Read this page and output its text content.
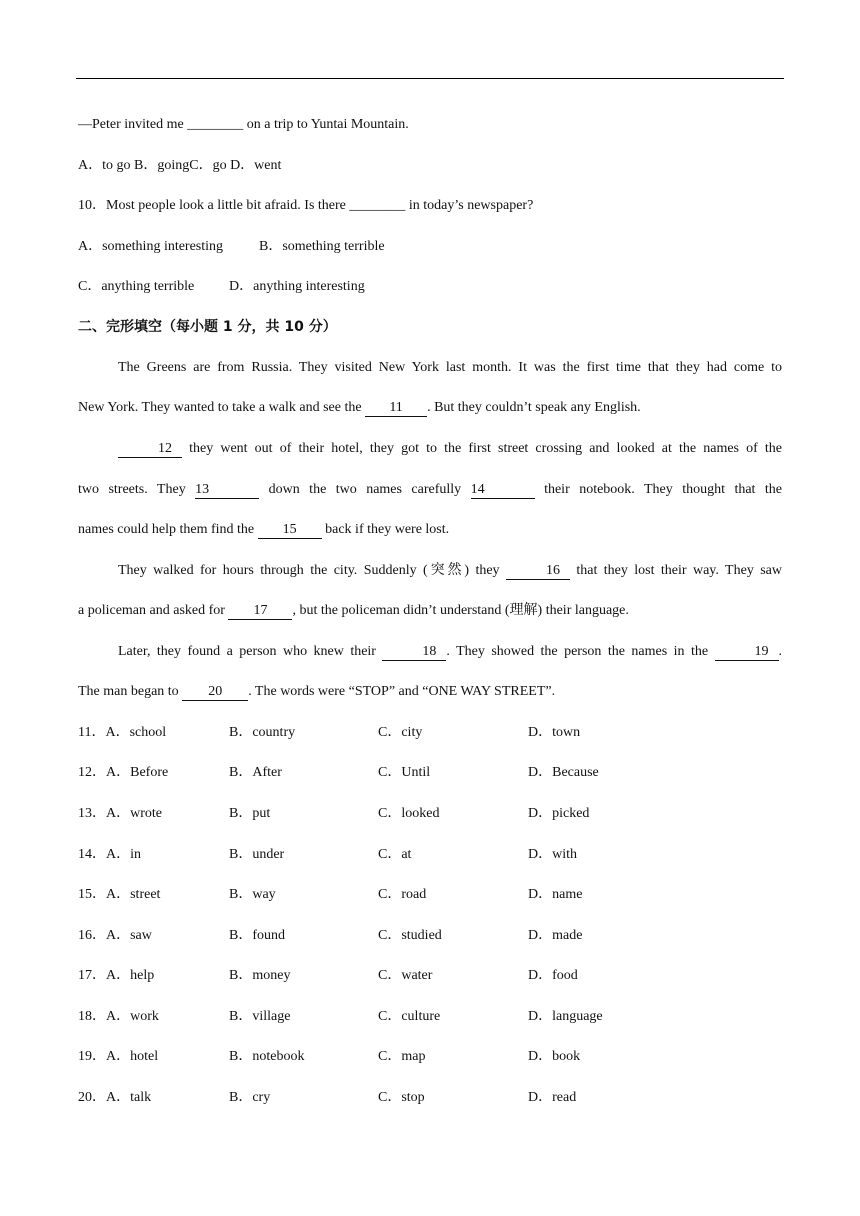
—Peter invited me ________ on a trip to Yuntai Mountain.
A．to go B．goingC．go D．went
10．Most people look a little bit afraid. Is there ________ in today’s newspaper?
A．something interesting	B．something terrible
C．anything terrible D．anything interesting
二、完形填空（每小题 1 分，共 10 分）
The Greens are from Russia. They visited New York last month. It was the first time that they had come to
New York. They wanted to take a walk and see the 11 . But they couldn’t speak any English.
12 they went out of their hotel, they got to the first street crossing and looked at the names of the
two streets. They 13	down the two names carefully 14	their notebook. They thought that the
names could help them find the 15 back if they were lost.
They walked for hours through the city. Suddenly (突然) they	16 that they lost their way. They saw
a policeman and asked for 17 , but the policeman didn’t understand (理解) their language.
Later, they found a person who knew their	18 . They showed the person the names in the	19 .
The man began to 20 . The words were “STOP” and “ONE WAY STREET”.
11．A．school	B．country	C．city	D．town
12．A．Before	B．After	C．Until	D．Because
13．A．wrote	B．put	C．looked	D．picked
14．A．in	B．under	C．at	D．with
15．A．street	B．way	C．road	D．name
16．A．saw	B．found	C．studied	D．made
17．A．help	B．money	C．water	D．food
18．A．work	B．village	C．culture	D．language
19．A．hotel	B．notebook	C．map	D．book
20．A．talk	B．cry	C．stop	D．read
